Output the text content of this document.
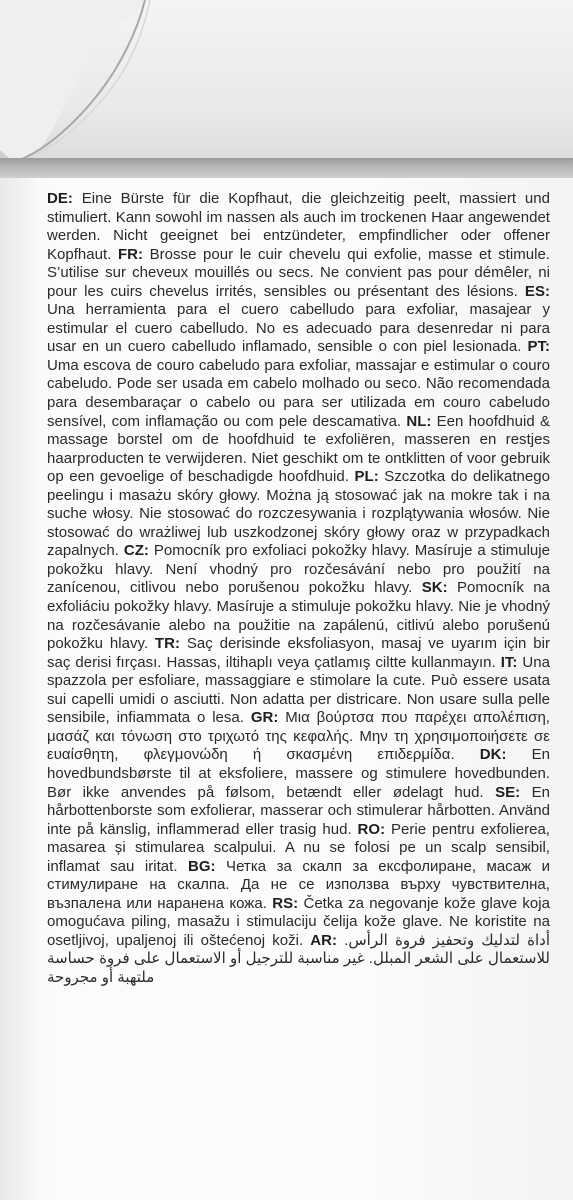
DE: Eine Bürste für die Kopfhaut, die gleichzeitig peelt, massiert und stimuliert. Kann sowohl im nassen als auch im trockenen Haar angewendet werden. Nicht geeignet bei entzündeter, empfindlicher oder offener Kopfhaut. FR: Brosse pour le cuir chevelu qui exfolie, masse et stimule. S’utilise sur cheveux mouillés ou secs. Ne convient pas pour démêler, ni pour les cuirs chevelus irrités, sensibles ou présentant des lésions. ES: Una herramienta para el cuero cabelludo para exfoliar, masajear y estimular el cuero cabelludo. No es adecuado para desenredar ni para usar en un cuero cabelludo inflamado, sensible o con piel lesionada. PT: Uma escova de couro cabeludo para exfoliar, massajar e estimular o couro cabeludo. Pode ser usada em cabelo molhado ou seco. Não recomendada para desembaraçar o cabelo ou para ser utilizada em couro cabeludo sensível, com inflamação ou com pele descamativa. NL: Een hoofdhuid & massage borstel om de hoofdhuid te exfoliëren, masseren en restjes haarproducten te verwijderen. Niet geschikt om te ontklitten of voor gebruik op een gevoelige of beschadigde hoofdhuid. PL: Szczotka do delikatnego peelingu i masażu skóry głowy. Można ją stosować jak na mokre tak i na suche włosy. Nie stosować do rozczesywania i rozplątywania włosów. Nie stosować do wrażliwej lub uszkodzonej skóry głowy oraz w przypadkach zapalnych. CZ: Pomocník pro exfoliaci pokožky hlavy. Masíruje a stimuluje pokožku hlavy. Není vhodný pro rozčesávání nebo pro použití na zanícenou, citlivou nebo porušenou pokožku hlavy. SK: Pomocník na exfoliáciu pokožky hlavy. Masíruje a stimuluje pokožku hlavy. Nie je vhodný na rozčesávanie alebo na použitie na zapálenú, citlivú alebo porušenú pokožku hlavy. TR: Saç derisinde eksfoliasyon, masaj ve uyarım için bir saç derisi fırçası. Hassas, iltihaplı veya çatlamış ciltte kullanmayın. IT: Una spazzola per esfoliare, massaggiare e stimolare la cute. Può essere usata sui capelli umidi o asciutti. Non adatta per districare. Non usare sulla pelle sensibile, infiammata o lesa. GR: Μια βούρτσα που παρέχει απολέπιση, μασάζ και τόνωση στο τριχωτό της κεφαλής. Μην τη χρησιμοποιήσετε σε ευαίσθητη, φλεγμονώδη ή σκασμένη επιδερμίδα. DK: En hovedbundsbørste til at eksfoliere, massere og stimulere hovedbunden. Bør ikke anvendes på følsom, betændt eller ødelagt hud. SE: En hårbottenborste som exfolierar, masserar och stimulerar hårbotten. Använd inte på känslig, inflammerad eller trasig hud. RO: Perie pentru exfolierea, masarea și stimularea scalpului. A nu se folosi pe un scalp sensibil, inflamat sau iritat. BG: Четка за скалп за ексфолиране, масаж и стимулиране на скалпа. Да не се използва върху чувствителна, възпалена или наранена кожа. RS: Četka za negovanje kože glave koja omogućava piling, masažu i stimulaciju čelija kože glave. Ne koristite na osetljivoj, upaljenoj ili oštećenoj koži. AR: أداة لتدليك وتحفيز فروة الرأس. للاستعمال على الشعر المبلل. غير مناسبة للترجيل أو الاستعمال على فروة حساسة ملتهبة أو مجروحة
